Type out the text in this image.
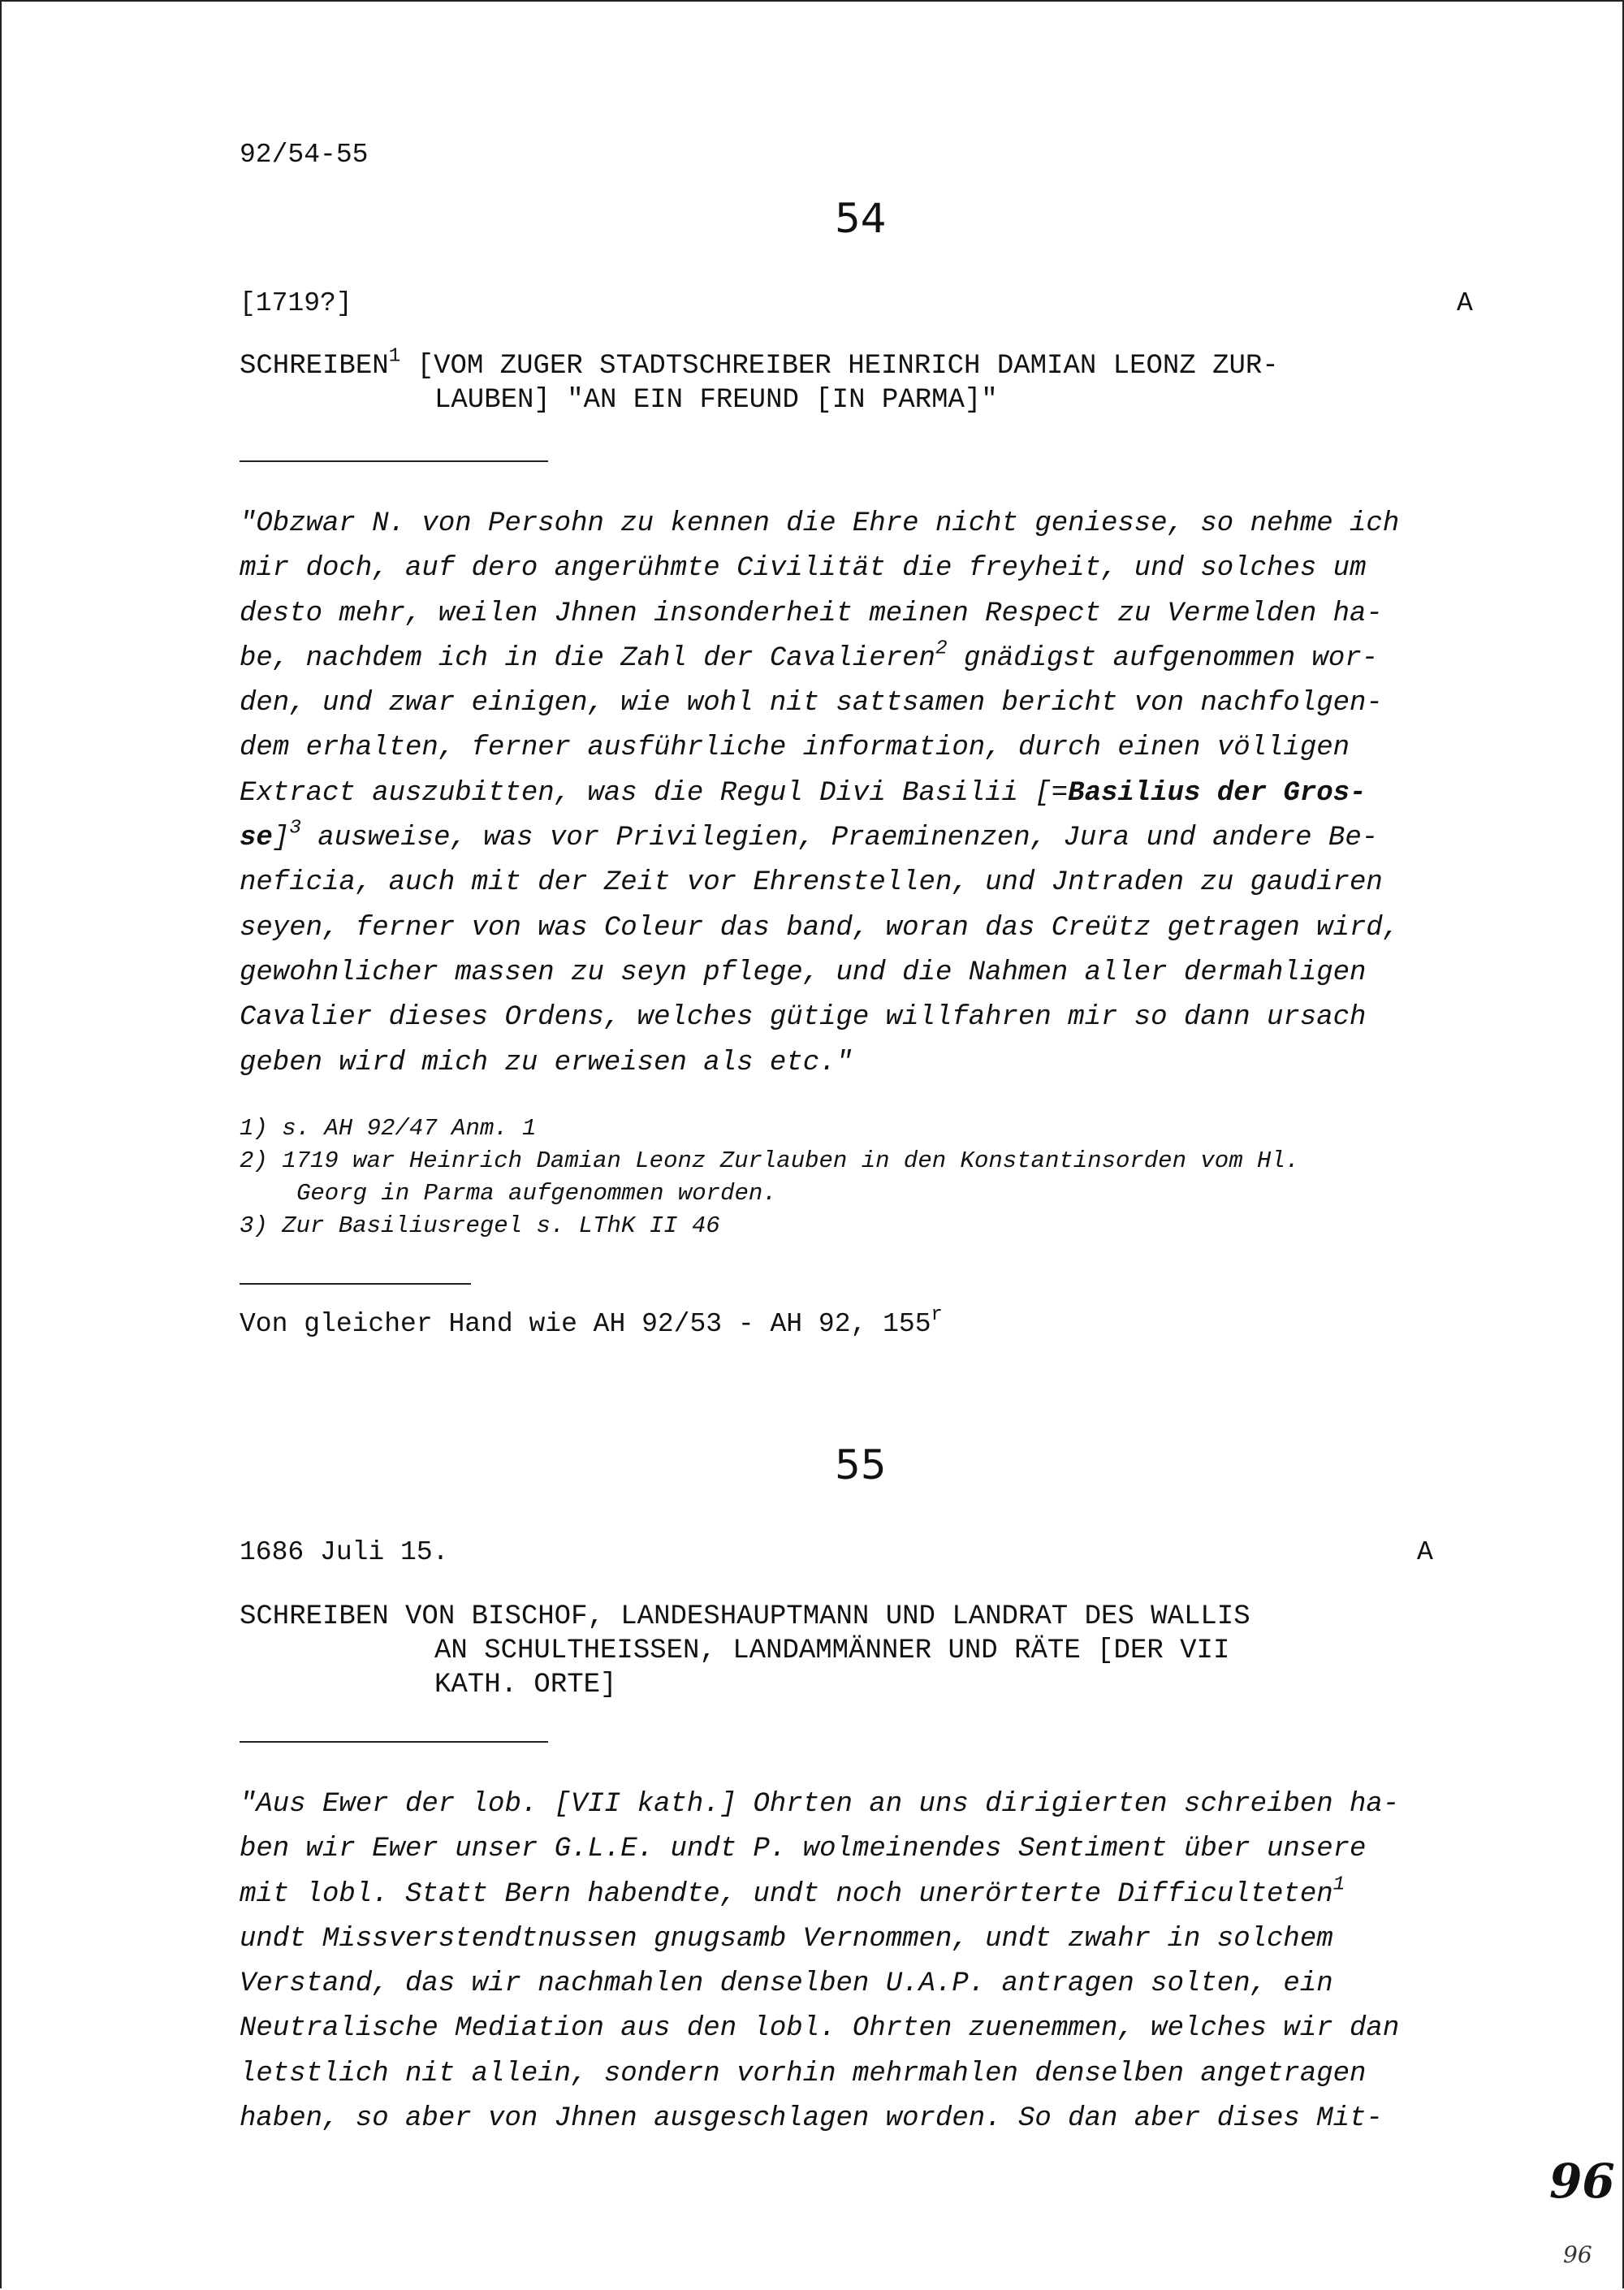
92/54-55
54
[1719?]	A
SCHREIBEN$^1$ [VOM ZUGER STADTSCHREIBER HEINRICH DAMIAN LEONZ ZUR-
LAUBEN] "AN EIN FREUND [IN PARMA]"
"Obzwar N. von Persohn zu kennen die Ehre nicht geniesse, so nehme ich
mir doch, auf dero angerühmte Civilität die freyheit, und solches um
desto mehr, weilen Jhnen insonderheit meinen Respect zu Vermelden ha-
be, nachdem ich in die Zahl der Cavalieren$^2$ gnädigst aufgenommen wor-
den, und zwar einigen, wie wohl nit sattsamen bericht von nachfolgen-
dem erhalten, ferner ausführliche information, durch einen völligen
Extract auszubitten, was die Regul Divi Basilii [=Basilius der Gros-
se]$^3$ ausweise, was vor Privilegien, Praeminenzen, Jura und andere Be-
neficia, auch mit der Zeit vor Ehrenstellen, und Jntraden zu gaudiren
seyen, ferner von was Coleur das band, woran das Creütz getragen wird,
gewohnlicher massen zu seyn pflege, und die Nahmen aller dermahligen
Cavalier dieses Ordens, welches gütige willfahren mir so dann ursach
geben wird mich zu erweisen als etc."
1) s. AH 92/47 Anm. 1
2) 1719 war Heinrich Damian Leonz Zurlauben in den Konstantinsorden vom Hl.
Georg in Parma aufgenommen worden.
3) Zur Basiliusregel s. LThK II 46
Von gleicher Hand wie AH 92/53 - AH 92, 155$^r$
55
1686 Juli 15.	A
SCHREIBEN VON BISCHOF, LANDESHAUPTMANN UND LANDRAT DES WALLIS
AN SCHULTHEISSEN, LANDAMMÄNNER UND RÄTE [DER VII
KATH. ORTE]
"Aus Ewer der lob. [VII kath.] Ohrten an uns dirigierten schreiben ha-
ben wir Ewer unser G.L.E. undt P. wolmeinendes Sentiment über unsere
mit lobl. Statt Bern habendte, undt noch unerörterte Difficulteten$^1$
undt Missverstendtnussen gnugsamb Vernommen, undt zwahr in solchem
Verstand, das wir nachmahlen denselben U.A.P. antragen solten, ein
Neutralische Mediation aus den lobl. Ohrten zuenemmen, welches wir dan
letstlich nit allein, sondern vorhin mehrmahlen denselben angetragen
haben, so aber von Jhnen ausgeschlagen worden. So dan aber dises Mit-
96
96
